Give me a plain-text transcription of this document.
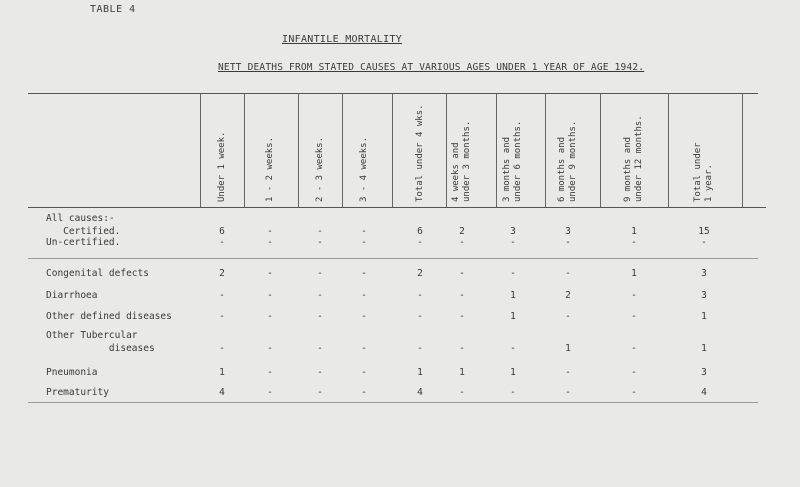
TABLE 4
INFANTILE MORTALITY
NETT DEATHS FROM STATED CAUSES AT VARIOUS AGES UNDER 1 YEAR OF AGE 1942.
Under 1 week.	1 - 2 weeks.	2 - 3 weeks.	3 - 4 weeks.	Total under 4 wks.	4 weeks and under 3 months.	3 months and under 6 months.	6 months and under 9 months.	9 months and under 12 months.	Total under 1 year.
All causes:-
Certified.	6	-	-	-	6	2	3	3	1	15
Un-certified.	-	-	-	-	-	-	-	-	-	-
Congenital defects	2	-	-	-	2	-	-	-	1	3
Diarrhoea	-	-	-	-	-	-	1	2	-	3
Other defined diseases	-	-	-	-	-	-	1	-	-	1
Other Tubercular
diseases	-	-	-	-	-	-	-	1	-	1
Pneumonia	1	-	-	-	1	1	1	-	-	3
Prematurity	4	-	-	-	4	-	-	-	-	4
